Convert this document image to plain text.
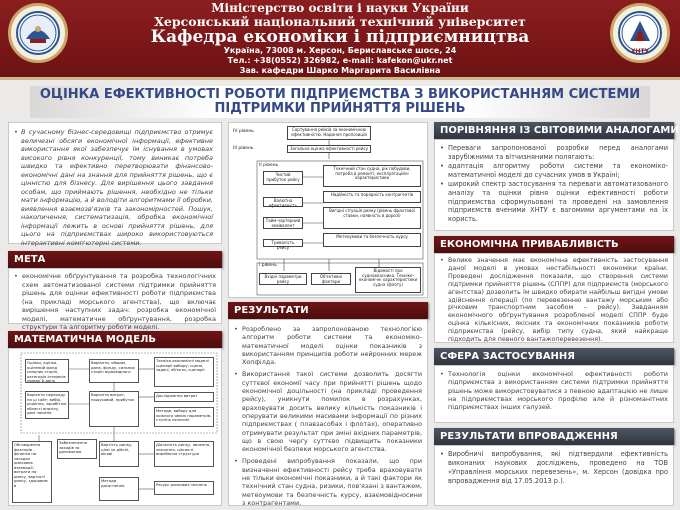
ХНТУ
Міністерство освіти і науки України
Херсонський національний технічний університет
Кафедра економіки і підприємництва
Україна, 73008 м. Херсон, Бериславське шосе, 24
Тел.: +38(0552) 326982, e-mail: kafekon@ukr.net
Зав. кафедри Шарко Маргарита Василівна
ОЦІНКА ЕФЕКТИВНОСТІ РОБОТИ ПІДПРИЄМСТВА З ВИКОРИСТАННЯМ СИСТЕМИ ПІДТРИМКИ ПРИЙНЯТТЯ РІШЕНЬ
• В сучасному бізнес-середовищі підприємство отримує величезні обсяги економічної інформації, ефективне використання якої забезпечує їм існування в умовах високого рівня конкуренції, тому виникає потреба швидко та ефективно перетворювати фінансово-економічні дані на знання для прийняття рішень, що є цінністю для бізнесу. Для вирішення цього завдання особам, що приймають рішення, необхідно не тільки мати інформацію, а й володіти алгоритмами її обробки, виявлення взаємозв'язків та закономірностей. Пошук, накопичення, систематизація, обробка економічної інформації лежить в основі прийняття рішень, для цього на підприємствах широко використовуються інтерактивні комп'ютерні системи.
МЕТА
• економічне обґрунтування та розробка технологічних схем автоматизованої системи підтримки прийняття рішень для оцінки ефективності роботи підприємства (на прикладі морського агентства), що включає вирішення наступних задач: розробка економічної моделі, математичне обґрунтування, розробка структури та алгоритму роботи моделі.
МАТЕМАТИЧНА МОДЕЛЬ
Оцінки, оцінка, оцінений фонд сильних сторін, категорія інтересів прямої й дань
Варіанти переходу на ці сайт; вибір, рішення, заробітної області аналізу, дані запитів
Варіанти, обирає, дана, фонду, сильних сторін відповідного
Техніко-економічні моделі сценарії вибору; сцени, задачі, об'єкти, сценарії
Варіанти витрат, пошуковий, прибуток
Дослідження витрат
Методи, вибору для кожного явних параметрів, ступінь незначні
Забезпечення заходів за допомогою
Обговорення факторів - фінанси на засадах ринкових взаємодії; витрати на ринку, вартості ринку, здоровим в
Вартість ринку, ціни за дійсні, вікові
Діяльність ринку, явлення, значення, цінності, виробнича структура
Методи досягнення	Ресурс ринкових значень
IV рівень
III рівень
II рівень
I рівень
Сортування рейсів за економічною ефективністю. Надання пропозицій
Загальна оцінка ефективності рейсу
Чистий прибуток рейсу
Валютна ефективність
Тайм-чартерний еквівалент
Тривалість рейсу
Технічний стан судна, рік побудови, потреба в ремонті, експлуатаційні характеристики
Надійність та порядність контрагентів
Вигідні сітуація ринку (рівень фрахтової ставки, наявність в дорозі)
Метеоумови та безпечність курсу
Вхідні параметри рейсу
Об'єктивні фактори
Відомості про судновласника. Техніко-економічні характеристики судна (флоту)
РЕЗУЛЬТАТИ
• Розроблено за запропонованою технологією алгоритм роботи системи та економіко-математичної моделі оцінки показників з використанням принципів роботи нейронних мереж Хопфілда.
• Використання такої системи дозволить досягти суттєвої економії часу при прийнятті рішень щодо економічної доцільності (на прикладі проведення рейсу), уникнути помилок в розрахунках, враховувати досить велику кількість показників і оперувати великими масивами інформації по різних підприємствах ( плавзасобах і флотах), оперативно отримувати результат при зміні вхідних параметрів, що в свою чергу суттєво підвищить показники економічної безпеки морського агентства.
• Проведені випробування показали, що при визначенні ефективності рейсу треба враховувати не тільки економічні показники, а й такі фактори як технічний стан судна, ризики, пов'язані з вантажем, метеоумови та безпечність курсу, взаємовідносини з контрагентами.
ПОРІВНЯННЯ ІЗ СВІТОВИМИ АНАЛОГАМИ
• Переваги запропонованої розробки перед аналогами зарубіжними та вітчизняними полягають:
• адаптація алгоритму роботи системи та економіко-математичної моделі до сучасних умов в Україні;
• широкий спектр застосування та переваги автоматизованого аналізу та оцінки рівня оцінки ефективності роботи підприємства сформульовані та проведені на замовлення підприємств вченими ХНТУ є вагомими аргументами на їх користь.
ЕКОНОМІЧНА ПРИВАБЛИВІСТЬ
• Велике значення має економічна ефективність застосування даної моделі в умовах нестабільності економіки країни. Проведені дослідження показали, що створення системи підтримки прийняття рішень (СППР) для підприємств (морського агентства) дозволить їм швидко обирати найбільш вигідні умови здійснення операції (по перевезенню вантажу морським або річковим транспортним засобом – рейсу). Завданням економічного обґрунтування розробленої моделі СППР буде оцінка кількісних, якісних та економічних показників роботи підприємства (рейсу, вибір типу судна, який найкраще підходить для певного вантажоперевезення).
СФЕРА ЗАСТОСУВАННЯ
• Технологія оцінки економічної ефективності роботи підприємства з використанням системи підтримки прийняття рішень може використовуватися з певною адаптацією не лише на підприємствах морського профілю але й різноманітних підприємствах інших галузей.
РЕЗУЛЬТАТИ ВПРОВАДЖЕННЯ
• Виробничі випробування, які підтвердили ефективність виконаних наукових досліджень, проведено на ТОВ «Управління морських перевезень», м. Херсон (довідка про впровадження від 17.05.2013 р.).
